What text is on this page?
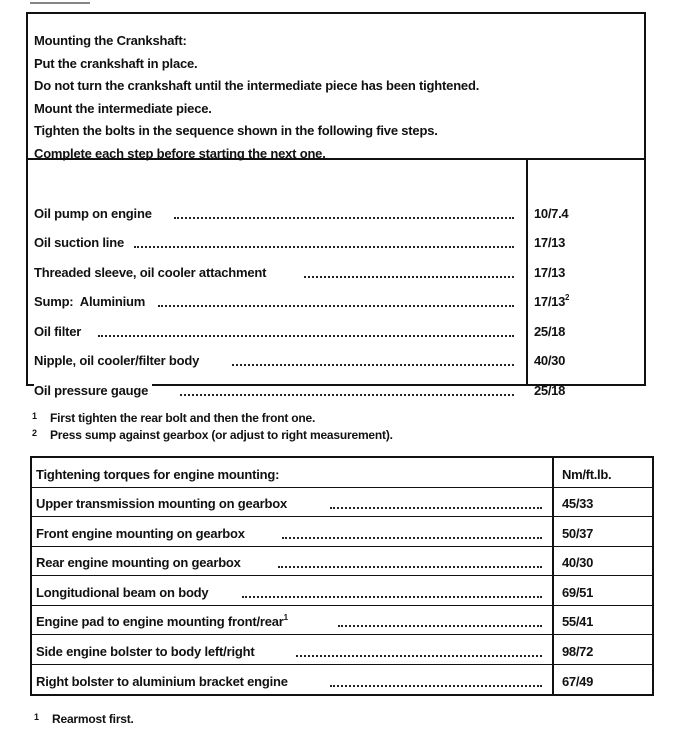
Mounting the Crankshaft:
Put the crankshaft in place.
Do not turn the crankshaft until the intermediate piece has been tightened.
Mount the intermediate piece.
Tighten the bolts in the sequence shown in the following five steps.
Complete each step before starting the next one.
Oil pump on engine	10/7.4
Oil suction line	17/13
Threaded sleeve, oil cooler attachment	17/13
Sump:  Aluminium	$17/13^2$
Oil filter	25/18
Nipple, oil cooler/filter body	40/30
Oil pressure gauge	25/18
1 First tighten the rear bolt and then the front one.
2 Press sump against gearbox (or adjust to right measurement).
Tightening torques for engine mounting:	Nm/ft.lb.
Upper transmission mounting on gearbox	45/33
Front engine mounting on gearbox	50/37
Rear engine mounting on gearbox	40/30
Longitudional beam on body	69/51
Engine pad to engine mounting front/rear$^1$	55/41
Side engine bolster to body left/right	98/72
Right bolster to aluminium bracket engine	67/49
1 Rearmost first.
